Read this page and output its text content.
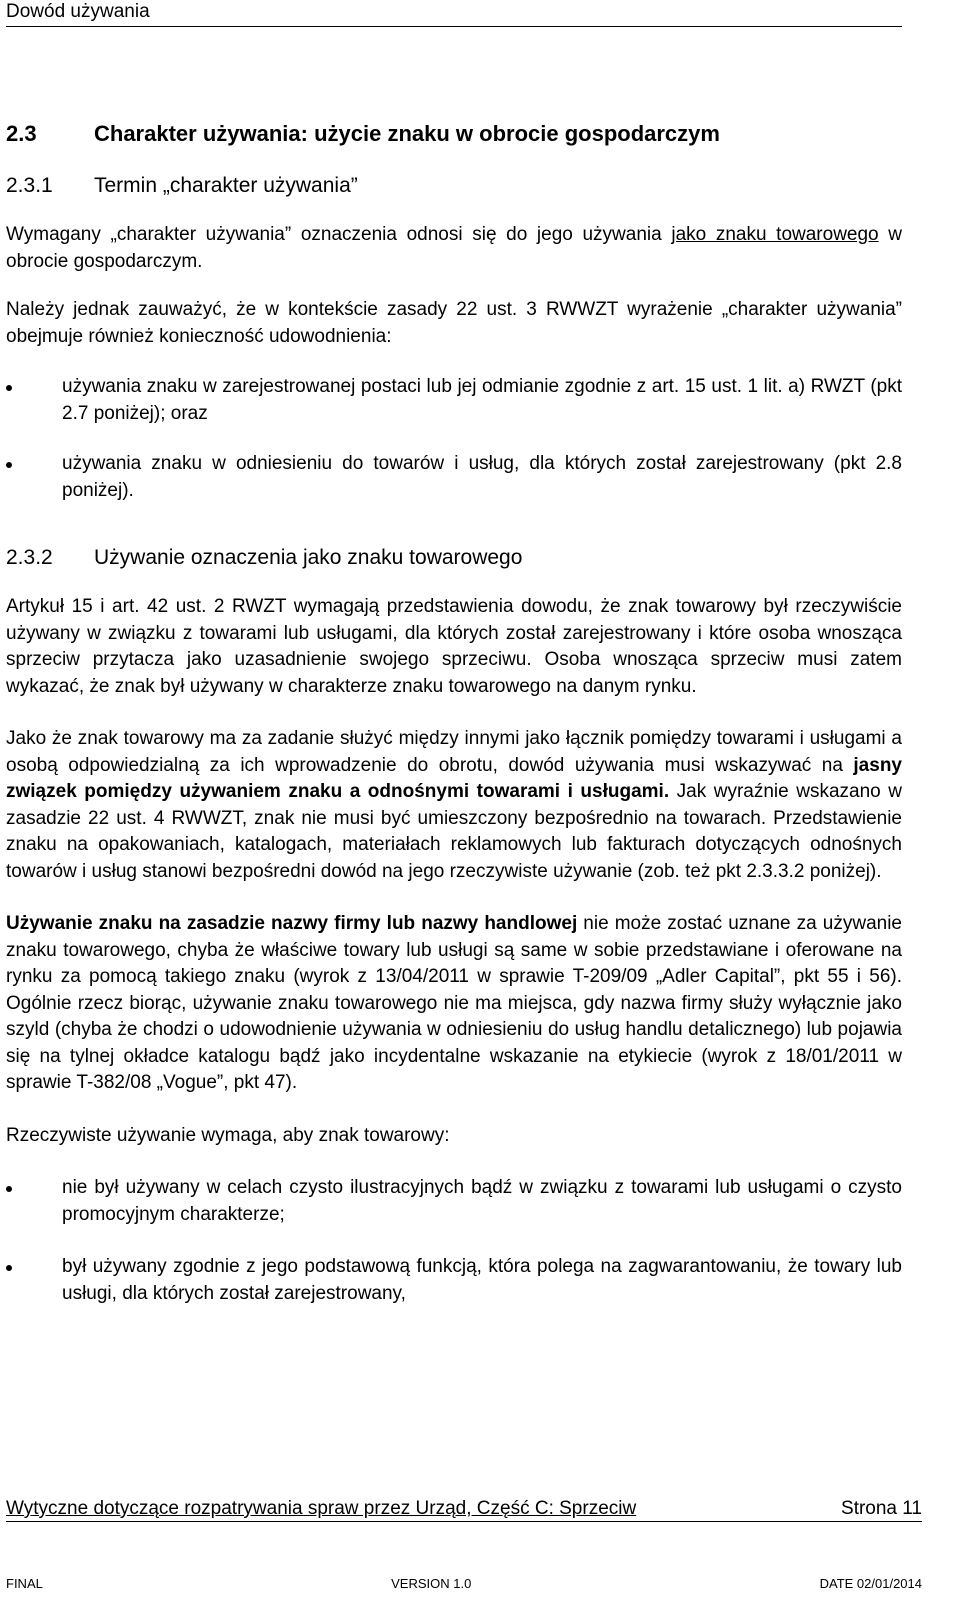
Dowód używania
2.3	Charakter używania: użycie znaku w obrocie gospodarczym
2.3.1	Termin „charakter używania”

Wymagany „charakter używania” oznaczenia odnosi się do jego używania jako znaku towarowego w obrocie gospodarczym.

Należy jednak zauważyć, że w kontekście zasady 22 ust. 3 RWWZT wyrażenie „charakter używania” obejmuje również konieczność udowodnienia:

używania znaku w zarejestrowanej postaci lub jej odmianie zgodnie z art. 15 ust. 1 lit. a) RWZT (pkt 2.7 poniżej); oraz
używania znaku w odniesieniu do towarów i usług, dla których został zarejestrowany (pkt 2.8 poniżej).
2.3.2	Używanie oznaczenia jako znaku towarowego

Artykuł 15 i art. 42 ust. 2 RWZT wymagają przedstawienia dowodu, że znak towarowy był rzeczywiście używany w związku z towarami lub usługami, dla których został zarejestrowany i które osoba wnosząca sprzeciw przytacza jako uzasadnienie swojego sprzeciwu. Osoba wnosząca sprzeciw musi zatem wykazać, że znak był używany w charakterze znaku towarowego na danym rynku.

Jako że znak towarowy ma za zadanie służyć między innymi jako łącznik pomiędzy towarami i usługami a osobą odpowiedzialną za ich wprowadzenie do obrotu, dowód używania musi wskazywać na jasny związek pomiędzy używaniem znaku a odnośnymi towarami i usługami. Jak wyraźnie wskazano w zasadzie 22 ust. 4 RWWZT, znak nie musi być umieszczony bezpośrednio na towarach. Przedstawienie znaku na opakowaniach, katalogach, materiałach reklamowych lub fakturach dotyczących odnośnych towarów i usług stanowi bezpośredni dowód na jego rzeczywiste używanie (zob. też pkt 2.3.3.2 poniżej).

Używanie znaku na zasadzie nazwy firmy lub nazwy handlowej nie może zostać uznane za używanie znaku towarowego, chyba że właściwe towary lub usługi są same w sobie przedstawiane i oferowane na rynku za pomocą takiego znaku (wyrok z 13/04/2011 w sprawie T-209/09 „Adler Capital”, pkt 55 i 56). Ogólnie rzecz biorąc, używanie znaku towarowego nie ma miejsca, gdy nazwa firmy służy wyłącznie jako szyld (chyba że chodzi o udowodnienie używania w odniesieniu do usług handlu detalicznego) lub pojawia się na tylnej okładce katalogu bądź jako incydentalne wskazanie na etykiecie (wyrok z 18/01/2011 w sprawie T-382/08 „Vogue”, pkt 47).

Rzeczywiste używanie wymaga, aby znak towarowy:

nie był używany w celach czysto ilustracyjnych bądź w związku z towarami lub usługami o czysto promocyjnym charakterze;
był używany zgodnie z jego podstawową funkcją, która polega na zagwarantowaniu, że towary lub usługi, dla których został zarejestrowany,
Wytyczne dotyczące rozpatrywania spraw przez Urząd, Część C: Sprzeciw	Strona 11
FINAL	VERSION 1.0	DATE 02/01/2014
